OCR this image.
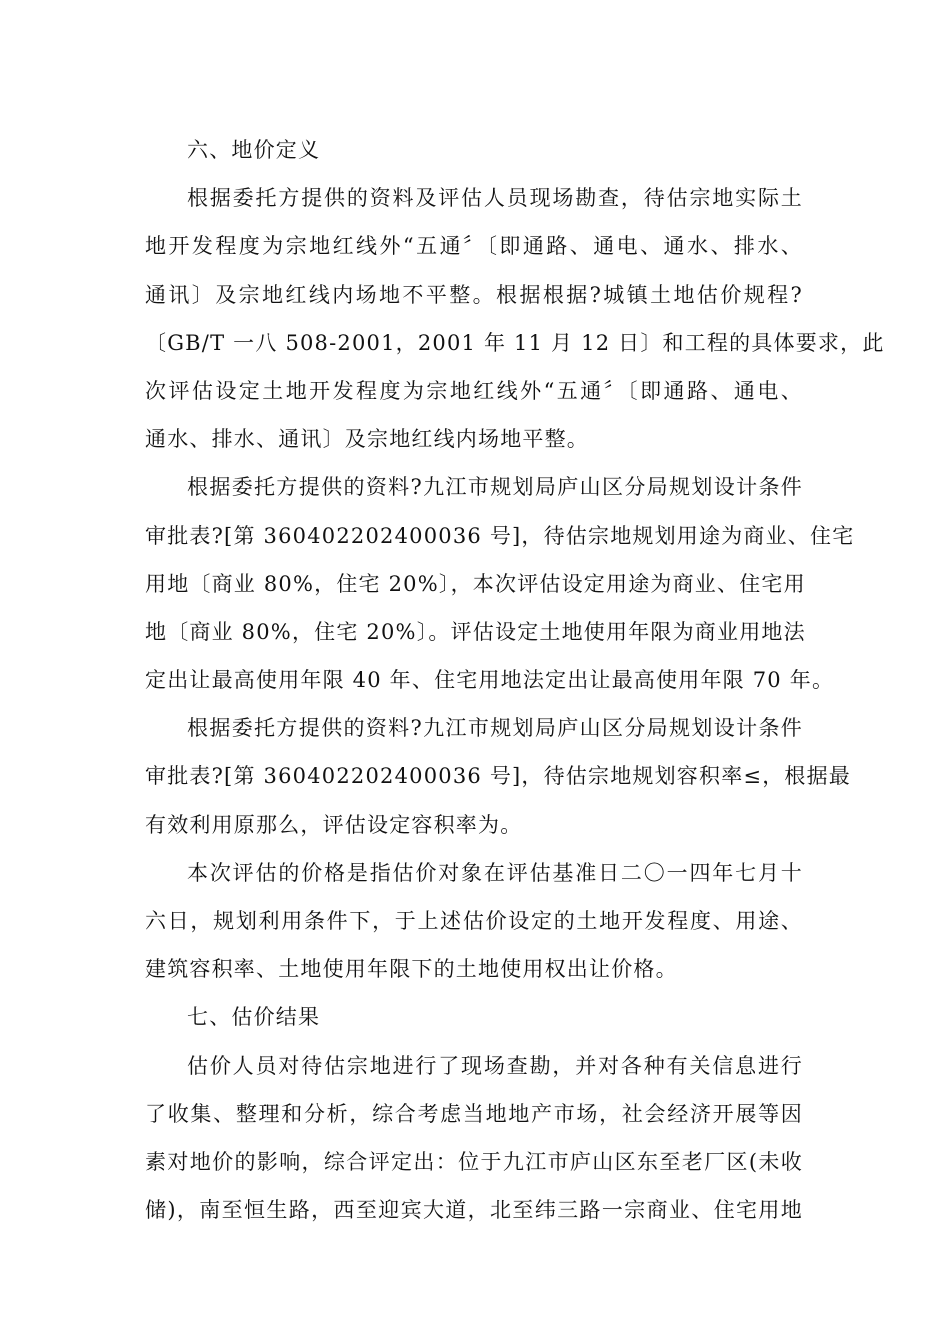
六、地价定义
根据委托方提供的资料及评估人员现场勘查，待估宗地实际土
地开发程度为宗地红线外“五通〞〔即通路、通电、通水、排水、
通讯〕及宗地红线内场地不平整。根据根据?城镇土地估价规程?
〔GB/T 一八 508-2001，2001 年 11 月 12 日〕和工程的具体要求，此
次评估设定土地开发程度为宗地红线外“五通〞〔即通路、通电、
通水、排水、通讯〕及宗地红线内场地平整。
根据委托方提供的资料?九江市规划局庐山区分局规划设计条件
审批表?[第 360402202400036 号]，待估宗地规划用途为商业、住宅
用地〔商业 80%，住宅 20%〕，本次评估设定用途为商业、住宅用
地〔商业 80%，住宅 20%〕。评估设定土地使用年限为商业用地法
定出让最高使用年限 40 年、住宅用地法定出让最高使用年限 70 年。
根据委托方提供的资料?九江市规划局庐山区分局规划设计条件
审批表?[第 360402202400036 号]，待估宗地规划容积率≤，根据最
有效利用原那么，评估设定容积率为。
本次评估的价格是指估价对象在评估基准日二〇一四年七月十
六日，规划利用条件下，于上述估价设定的土地开发程度、用途、
建筑容积率、土地使用年限下的土地使用权出让价格。
七、估价结果
估价人员对待估宗地进行了现场查勘，并对各种有关信息进行
了收集、整理和分析，综合考虑当地地产市场，社会经济开展等因
素对地价的影响，综合评定出：位于九江市庐山区东至老厂区(未收
储)，南至恒生路，西至迎宾大道，北至纬三路一宗商业、住宅用地
